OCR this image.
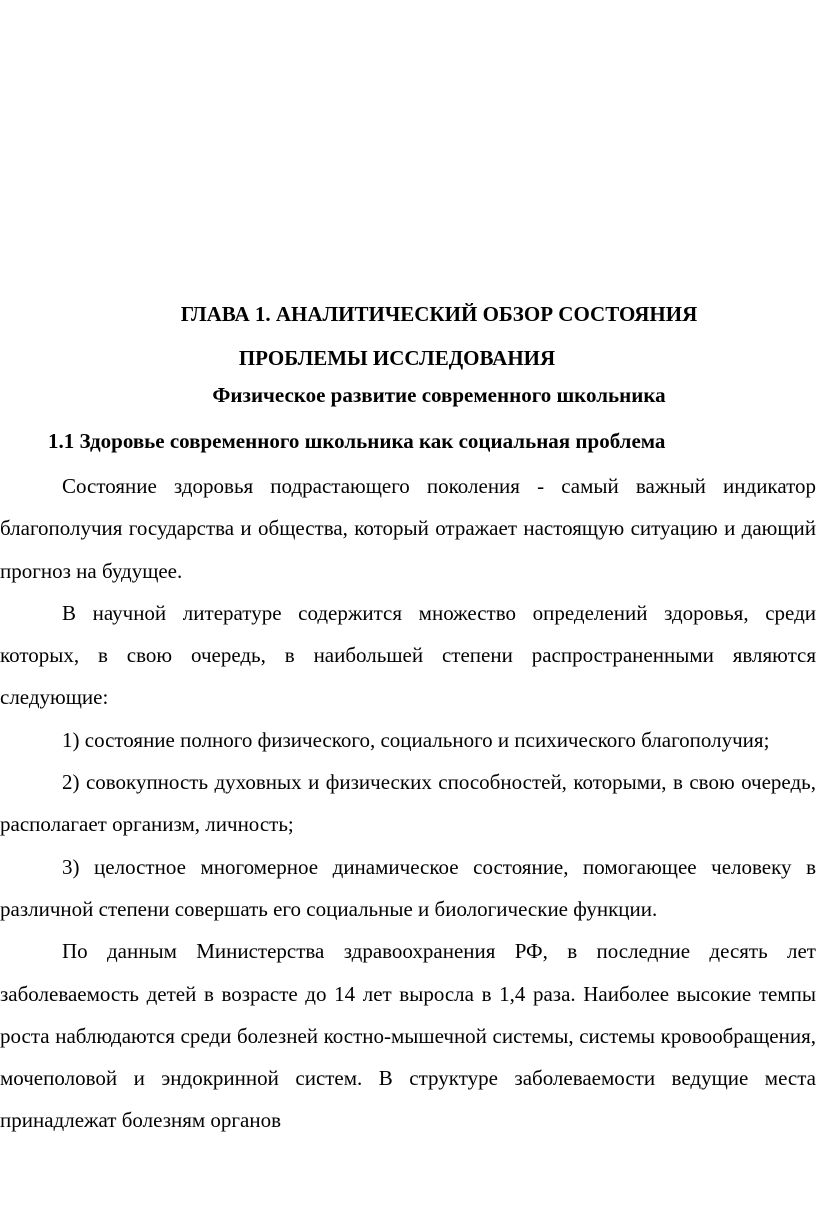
ГЛАВА 1. АНАЛИТИЧЕСКИЙ ОБЗОР СОСТОЯНИЯ
ПРОБЛЕМЫ ИССЛЕДОВАНИЯ
Физическое развитие современного школьника
1.1 Здоровье современного школьника как социальная проблема

Состояние здоровья подрастающего поколения - самый важный индикатор благополучия государства и общества, который отражает настоящую ситуацию и дающий прогноз на будущее.

В научной литературе содержится множество определений здоровья, среди которых, в свою очередь, в наибольшей степени распространенными являются следующие:

1) состояние полного физического, социального и психического благополучия;

2) совокупность духовных и физических способностей, которыми, в свою очередь, располагает организм, личность;

3) целостное многомерное динамическое состояние, помогающее человеку в различной степени совершать его социальные и биологические функции.

По данным Министерства здравоохранения РФ, в последние десять лет заболеваемость детей в возрасте до 14 лет выросла в 1,4 раза. Наиболее высокие темпы роста наблюдаются среди болезней костно-мышечной системы, системы кровообращения, мочеполовой и эндокринной систем. В структуре заболеваемости ведущие места принадлежат болезням органов
